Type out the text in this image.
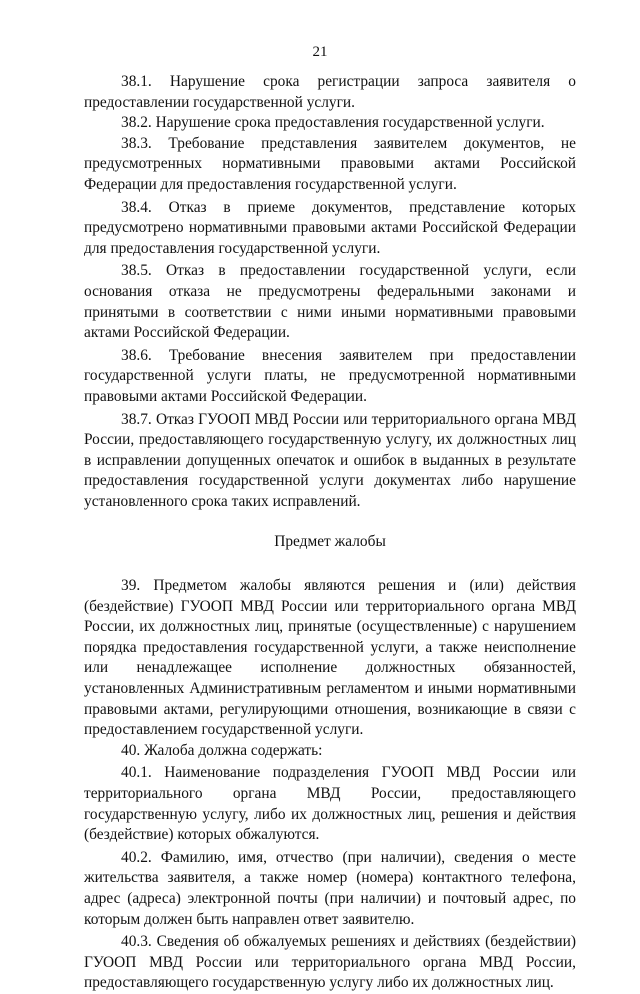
21

38.1. Нарушение срока регистрации запроса заявителя о предоставлении государственной услуги.

38.2. Нарушение срока предоставления государственной услуги.

38.3. Требование представления заявителем документов, не предусмотренных нормативными правовыми актами Российской Федерации для предоставления государственной услуги.

38.4. Отказ в приеме документов, представление которых предусмотрено нормативными правовыми актами Российской Федерации для предоставления государственной услуги.

38.5. Отказ в предоставлении государственной услуги, если основания отказа не предусмотрены федеральными законами и принятыми в соответствии с ними иными нормативными правовыми актами Российской Федерации.

38.6. Требование внесения заявителем при предоставлении государственной услуги платы, не предусмотренной нормативными правовыми актами Российской Федерации.

38.7. Отказ ГУООП МВД России или территориального органа МВД России, предоставляющего государственную услугу, их должностных лиц в исправлении допущенных опечаток и ошибок в выданных в результате предоставления государственной услуги документах либо нарушение установленного срока таких исправлений.

Предмет жалобы

39. Предметом жалобы являются решения и (или) действия (бездействие) ГУООП МВД России или территориального органа МВД России, их должностных лиц, принятые (осуществленные) с нарушением порядка предоставления государственной услуги, а также неисполнение или ненадлежащее исполнение должностных обязанностей, установленных Административным регламентом и иными нормативными правовыми актами, регулирующими отношения, возникающие в связи с предоставлением государственной услуги.

40. Жалоба должна содержать:

40.1. Наименование подразделения ГУООП МВД России или территориального органа МВД России, предоставляющего государственную услугу, либо их должностных лиц, решения и действия (бездействие) которых обжалуются.

40.2. Фамилию, имя, отчество (при наличии), сведения о месте жительства заявителя, а также номер (номера) контактного телефона, адрес (адреса) электронной почты (при наличии) и почтовый адрес, по которым должен быть направлен ответ заявителю.

40.3. Сведения об обжалуемых решениях и действиях (бездействии) ГУООП МВД России или территориального органа МВД России, предоставляющего государственную услугу либо их должностных лиц.
